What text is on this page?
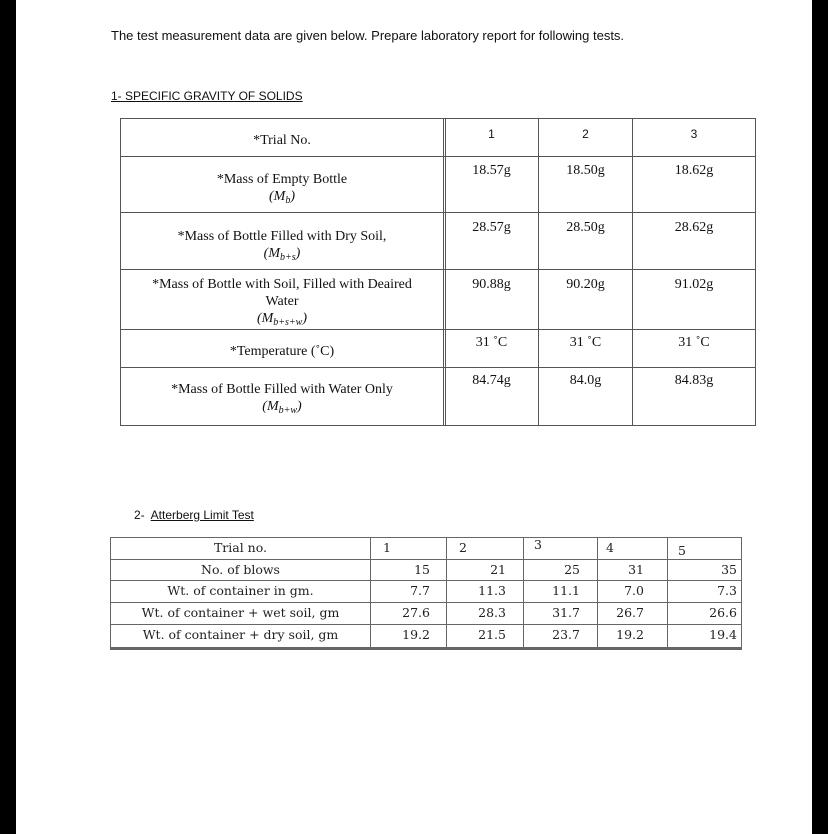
The test measurement data are given below. Prepare laboratory report for following tests.
1- SPECIFIC GRAVITY OF SOLIDS
*Trial No.	1	2	3
*Mass of Empty Bottle
$(M_b)$
18.57g	18.50g	18.62g
*Mass of Bottle Filled with Dry Soil,
$(M_{b+s})$
28.57g	28.50g	28.62g
*Mass of Bottle with Soil, Filled with Deaired
Water
$(M_{b+s+w})$
90.88g	90.20g	91.02g
*Temperature (˚C)
31 ˚C	31 ˚C	31 ˚C
*Mass of Bottle Filled with Water Only
$(M_{b+w})$
84.74g	84.0g	84.83g
2- Atterberg Limit Test
Trial no.	1	2	3	4	5
No. of blows	15	21	25	31	35
Wt. of container in gm.	7.7	11.3	11.1	7.0	7.3
Wt. of container + wet soil, gm	27.6	28.3	31.7	26.7	26.6
Wt. of container + dry soil, gm	19.2	21.5	23.7	19.2	19.4
